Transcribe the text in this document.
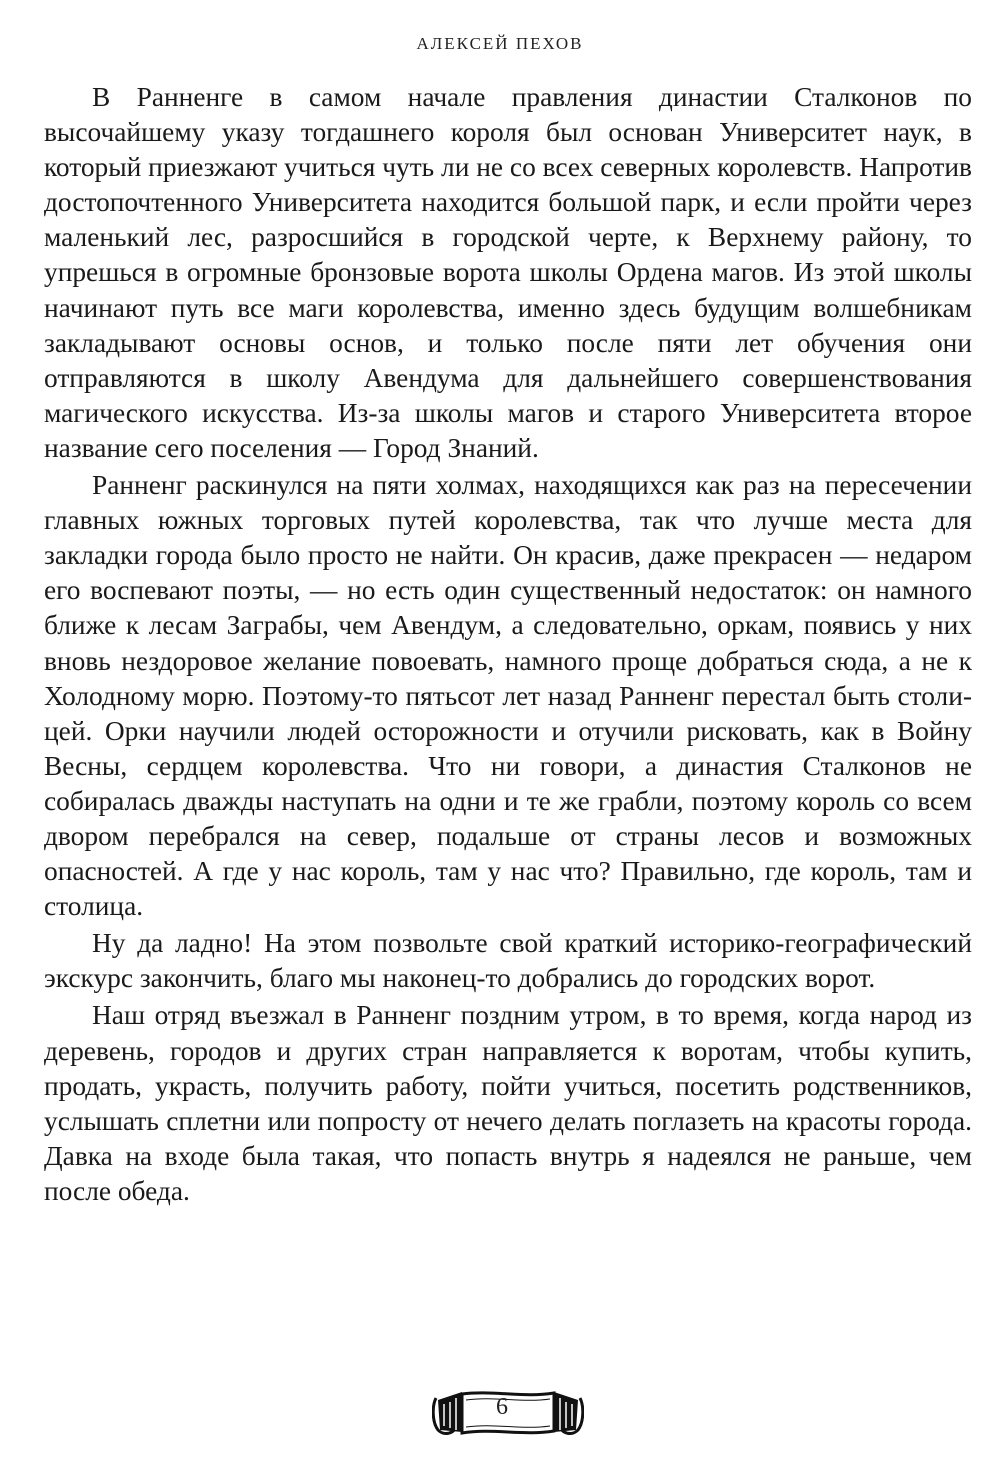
АЛЕКСЕЙ ПЕХОВ

В Ранненге в самом начале правления династии Сталконов по высочайшему указу тогдашнего короля был основан Университет наук, в который приезжают учиться чуть ли не со всех северных королевств. Напротив достопочтенного Университета находится большой парк, и если пройти через маленький лес, разросшийся в городской черте, к Верхнему району, то упрешься в огромные бронзовые ворота школы Ордена магов. Из этой школы начинают путь все маги королевства, именно здесь будущим волшебникам закладывают основы основ, и только после пяти лет обучения они отправляются в школу Авендума для дальнейшего совершенствования магического искусства. Из-за школы магов и старого Университета второе название сего поселения — Город Знаний.

Ранненг раскинулся на пяти холмах, находящихся как раз на пересечении главных южных торговых путей королевства, так что лучше места для закладки города было просто не найти. Он красив, даже прекрасен — недаром его воспевают поэты, — но есть один существенный недостаток: он намного ближе к лесам Заграбы, чем Авендум, а следовательно, оркам, появись у них вновь нездоровое желание повоевать, намного проще добраться сюда, а не к Холодному морю. Поэтому-то пятьсот лет назад Ранненг перестал быть столицей. Орки научили людей осторожности и отучили рисковать, как в Войну Весны, сердцем королевства. Что ни говори, а династия Сталконов не собиралась дважды наступать на одни и те же грабли, поэтому король со всем двором перебрался на север, подальше от страны лесов и возможных опасностей. А где у нас король, там у нас что? Правильно, где король, там и столица.

Ну да ладно! На этом позвольте свой краткий историко-географический экскурс закончить, благо мы наконец-то добрались до городских ворот.

Наш отряд въезжал в Ранненг поздним утром, в то время, когда народ из деревень, городов и других стран направляется к воротам, чтобы купить, продать, украсть, получить работу, пойти учиться, посетить родственников, услышать сплетни или попросту от нечего делать поглазеть на красоты города. Давка на входе была такая, что попасть внутрь я надеялся не раньше, чем после обеда.

6
